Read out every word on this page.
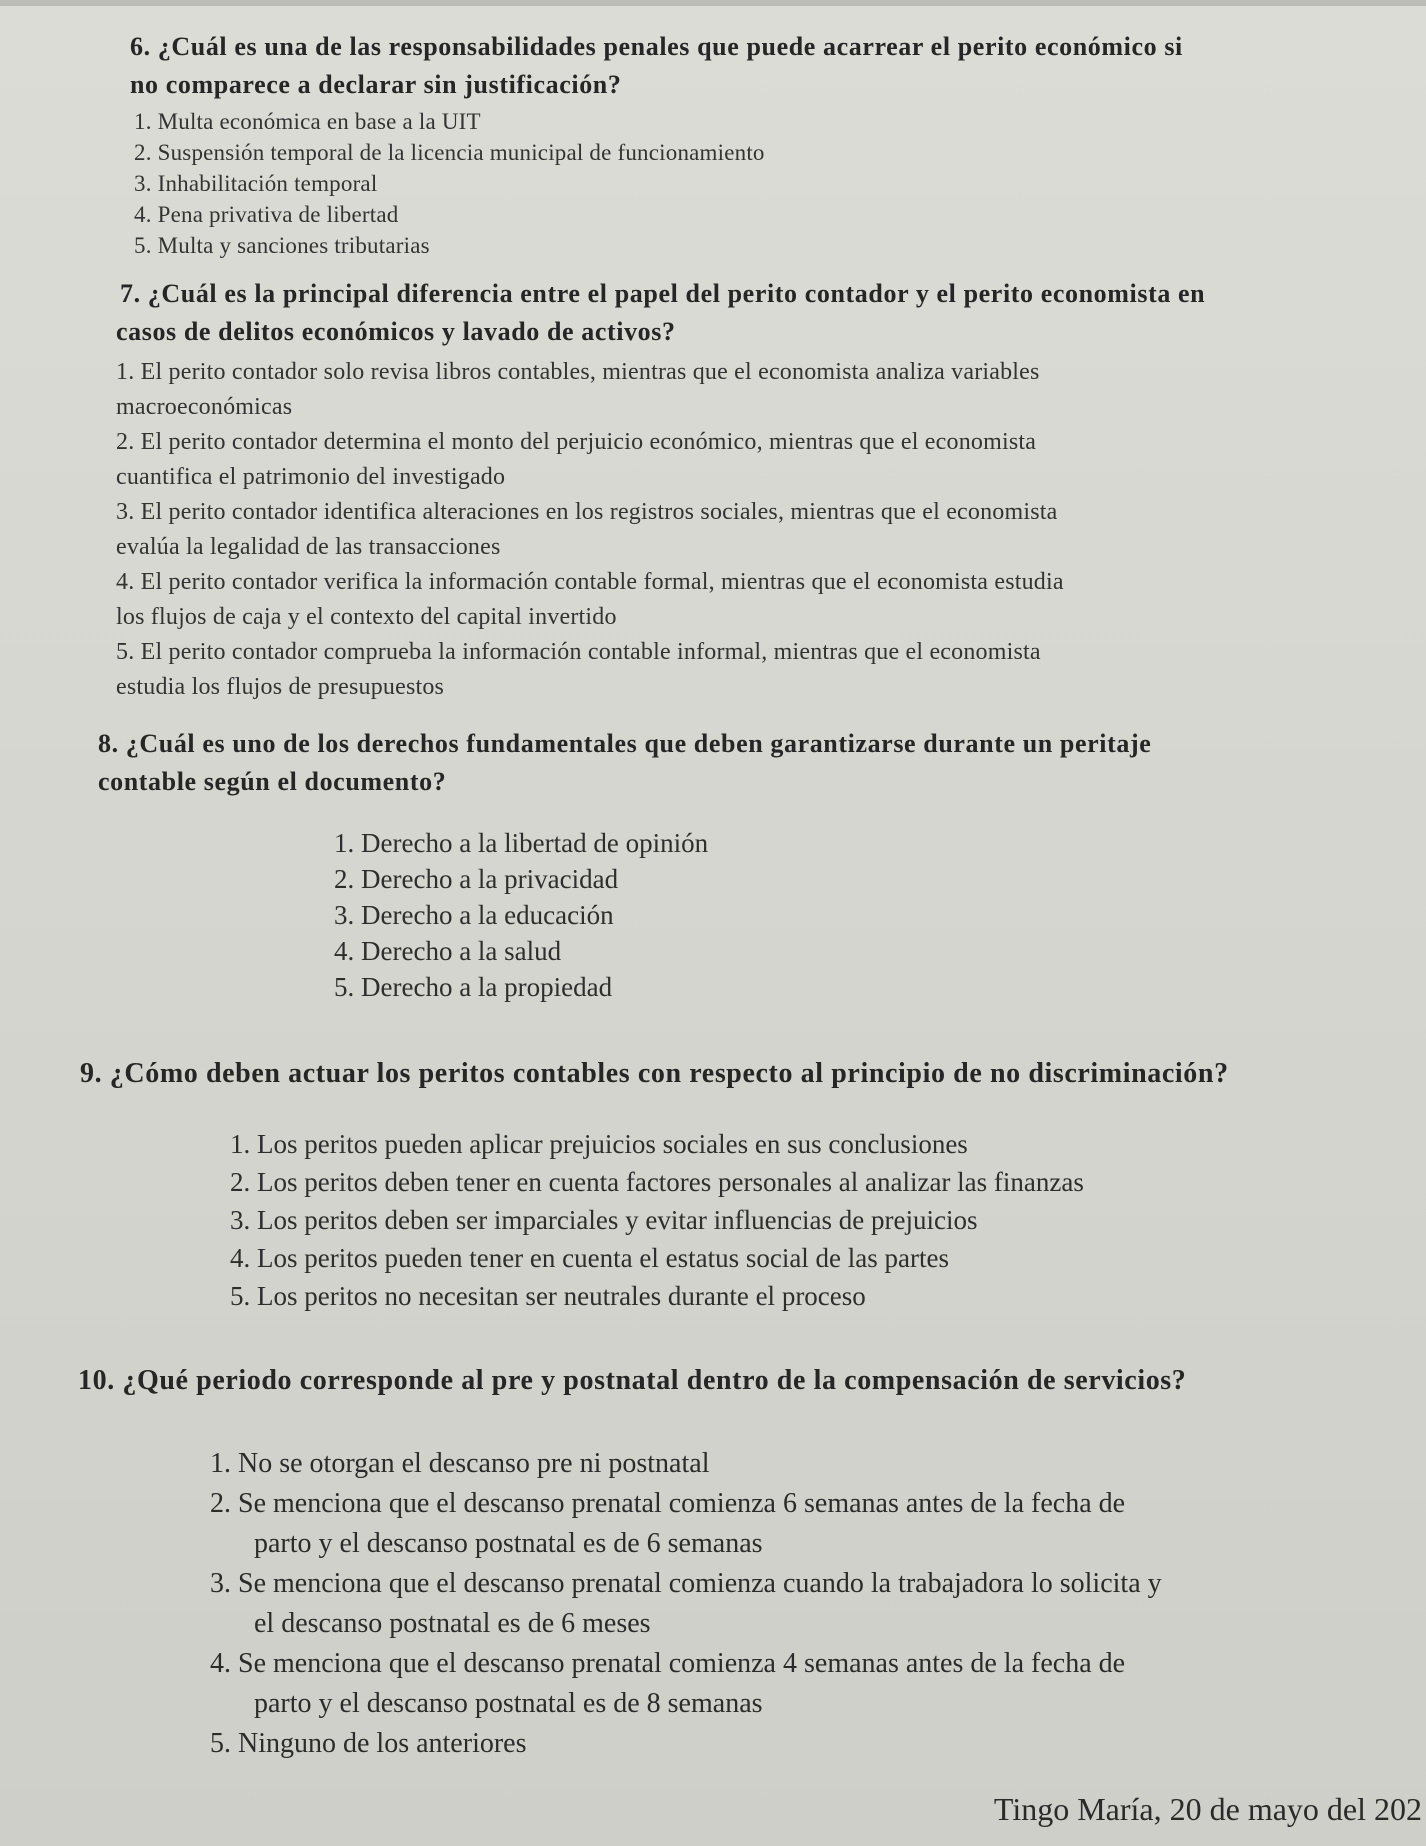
6. ¿Cuál es una de las responsabilidades penales que puede acarrear el perito económico si
no comparece a declarar sin justificación?
1. Multa económica en base a la UIT
2. Suspensión temporal de la licencia municipal de funcionamiento
3. Inhabilitación temporal
4. Pena privativa de libertad
5. Multa y sanciones tributarias
7. ¿Cuál es la principal diferencia entre el papel del perito contador y el perito economista en
casos de delitos económicos y lavado de activos?
1. El perito contador solo revisa libros contables, mientras que el economista analiza variables
macroeconómicas
2. El perito contador determina el monto del perjuicio económico, mientras que el economista
cuantifica el patrimonio del investigado
3. El perito contador identifica alteraciones en los registros sociales, mientras que el economista
evalúa la legalidad de las transacciones
4. El perito contador verifica la información contable formal, mientras que el economista estudia
los flujos de caja y el contexto del capital invertido
5. El perito contador comprueba la información contable informal, mientras que el economista
estudia los flujos de presupuestos
8. ¿Cuál es uno de los derechos fundamentales que deben garantizarse durante un peritaje
contable según el documento?
1. Derecho a la libertad de opinión
2. Derecho a la privacidad
3. Derecho a la educación
4. Derecho a la salud
5. Derecho a la propiedad
9. ¿Cómo deben actuar los peritos contables con respecto al principio de no discriminación?
1. Los peritos pueden aplicar prejuicios sociales en sus conclusiones
2. Los peritos deben tener en cuenta factores personales al analizar las finanzas
3. Los peritos deben ser imparciales y evitar influencias de prejuicios
4. Los peritos pueden tener en cuenta el estatus social de las partes
5. Los peritos no necesitan ser neutrales durante el proceso
10. ¿Qué periodo corresponde al pre y postnatal dentro de la compensación de servicios?
1. No se otorgan el descanso pre ni postnatal
2. Se menciona que el descanso prenatal comienza 6 semanas antes de la fecha de
parto y el descanso postnatal es de 6 semanas
3. Se menciona que el descanso prenatal comienza cuando la trabajadora lo solicita y
el descanso postnatal es de 6 meses
4. Se menciona que el descanso prenatal comienza 4 semanas antes de la fecha de
parto y el descanso postnatal es de 8 semanas
5. Ninguno de los anteriores
Tingo María, 20 de mayo del 202
